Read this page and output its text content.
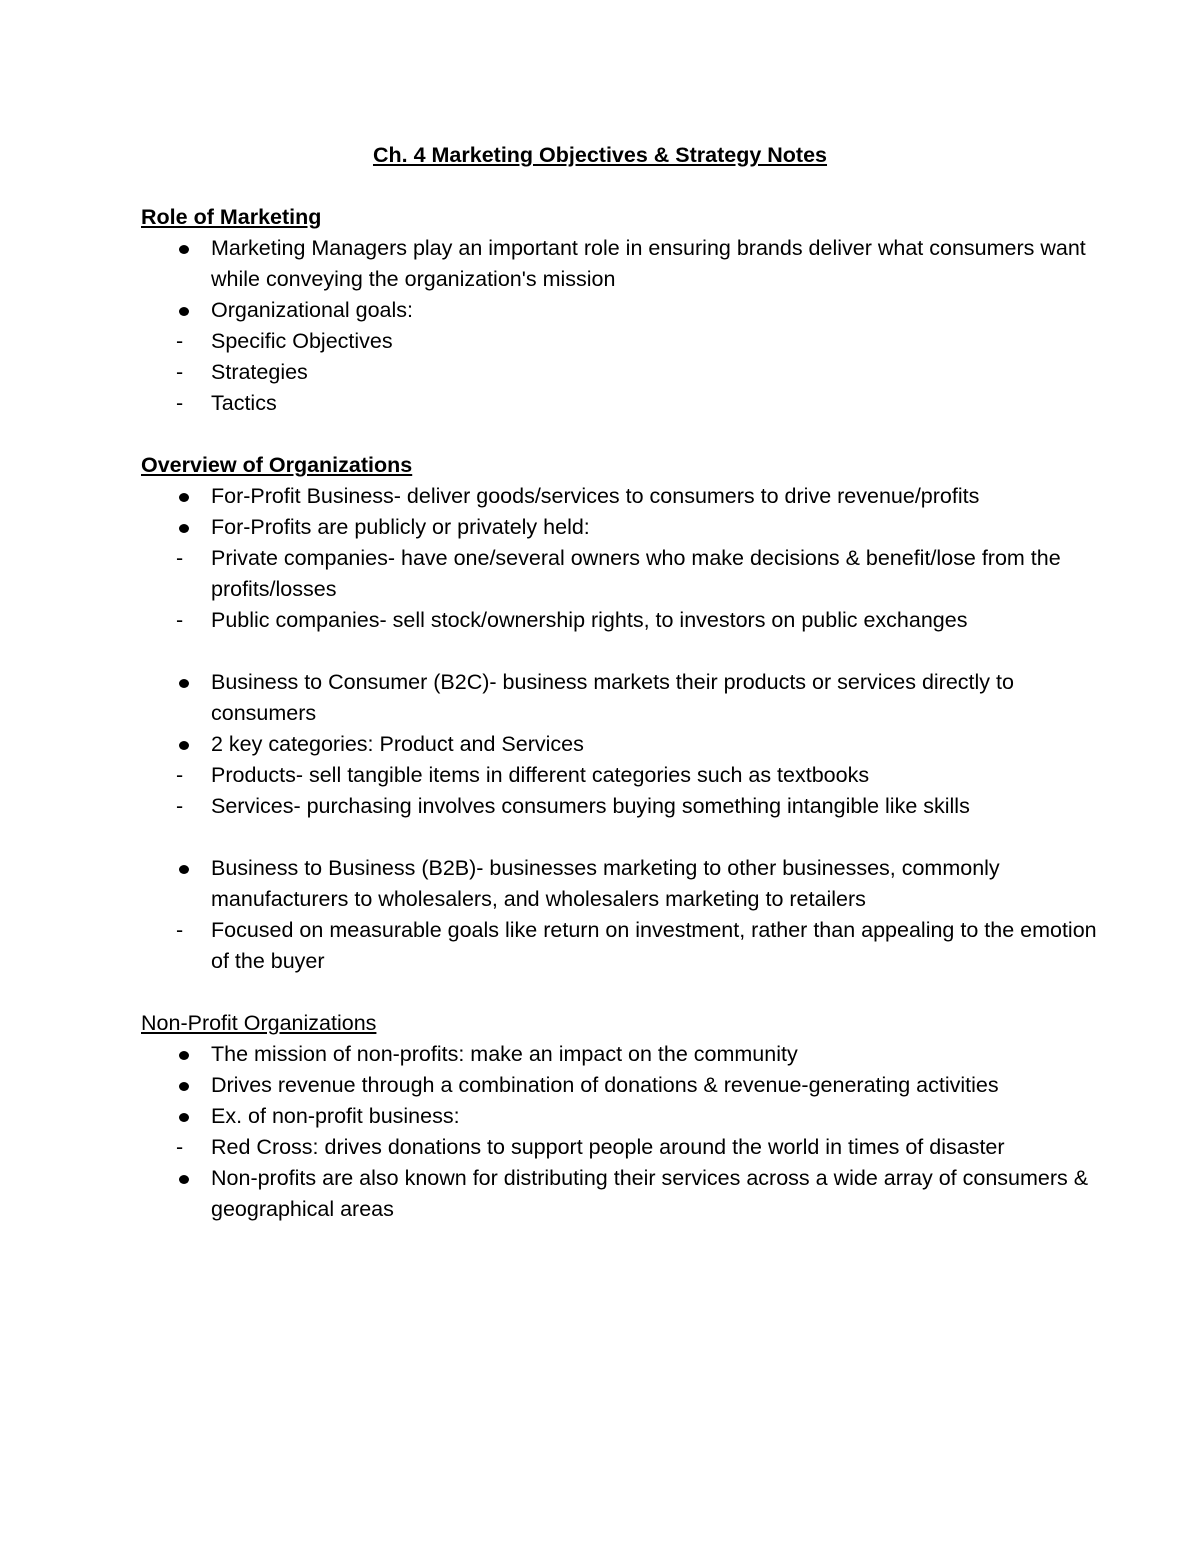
Ch. 4 Marketing Objectives & Strategy Notes
Role of Marketing
Marketing Managers play an important role in ensuring brands deliver what consumers want while conveying the organization's mission
Organizational goals:
- Specific Objectives
- Strategies
- Tactics
Overview of Organizations
For-Profit Business- deliver goods/services to consumers to drive revenue/profits
For-Profits are publicly or privately held:
- Private companies- have one/several owners who make decisions & benefit/lose from the profits/losses
- Public companies- sell stock/ownership rights, to investors on public exchanges
Business to Consumer (B2C)- business markets their products or services directly to consumers
2 key categories: Product and Services
- Products- sell tangible items in different categories such as textbooks
- Services- purchasing involves consumers buying something intangible like skills
Business to Business (B2B)- businesses marketing to other businesses, commonly manufacturers to wholesalers, and wholesalers marketing to retailers
- Focused on measurable goals like return on investment, rather than appealing to the emotion of the buyer
Non-Profit Organizations
The mission of non-profits: make an impact on the community
Drives revenue through a combination of donations & revenue-generating activities
Ex. of non-profit business:
- Red Cross: drives donations to support people around the world in times of disaster
Non-profits are also known for distributing their services across a wide array of consumers & geographical areas
